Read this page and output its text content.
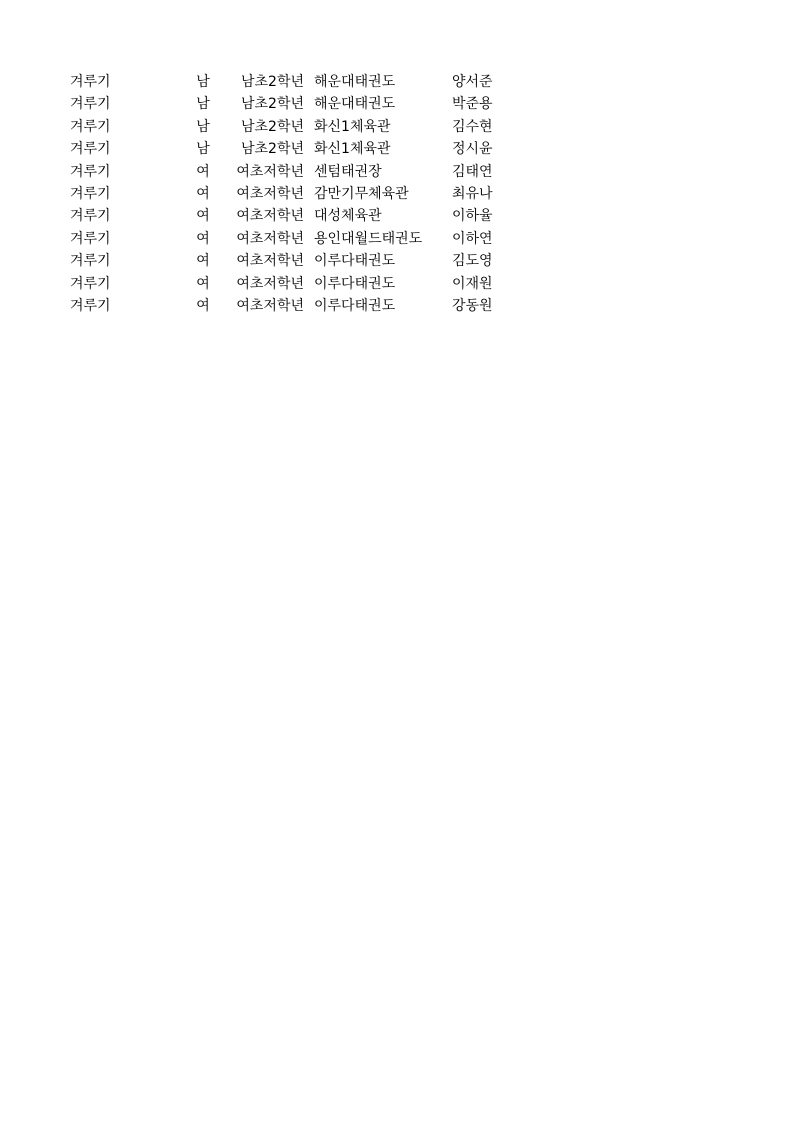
겨루기	남	남초2학년 해운대태권도	양서준
겨루기	남	남초2학년 해운대태권도	박준용
겨루기	남	남초2학년 화신1체육관	김수현
겨루기	남	남초2학년 화신1체육관	정시윤
겨루기	여	여초저학년 센텀태권장	김태연
겨루기	여	여초저학년 감만기무체육관	최유나
겨루기	여	여초저학년 대성체육관	이하율
겨루기	여	여초저학년 용인대월드태권도 이하연
겨루기	여	여초저학년 이루다태권도	김도영
겨루기	여	여초저학년 이루다태권도	이재원
겨루기	여	여초저학년 이루다태권도	강동원
